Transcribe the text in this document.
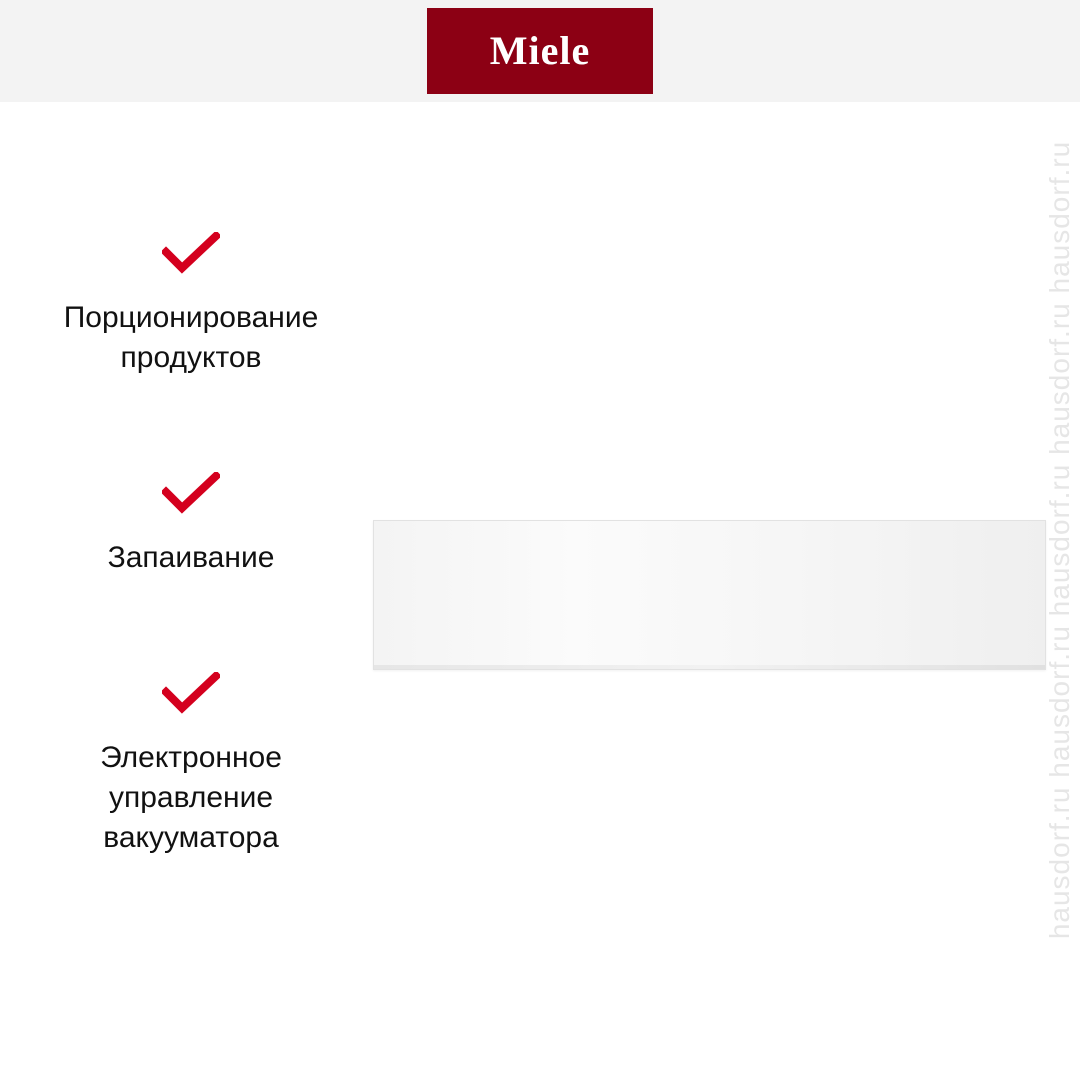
Miele
Порционирование
продуктов
Запаивание
Электронное
управление
вакууматора	hausdorf.ru hausdorf.ru hausdorf.ru hausdorf.ru hausdorf.ru
